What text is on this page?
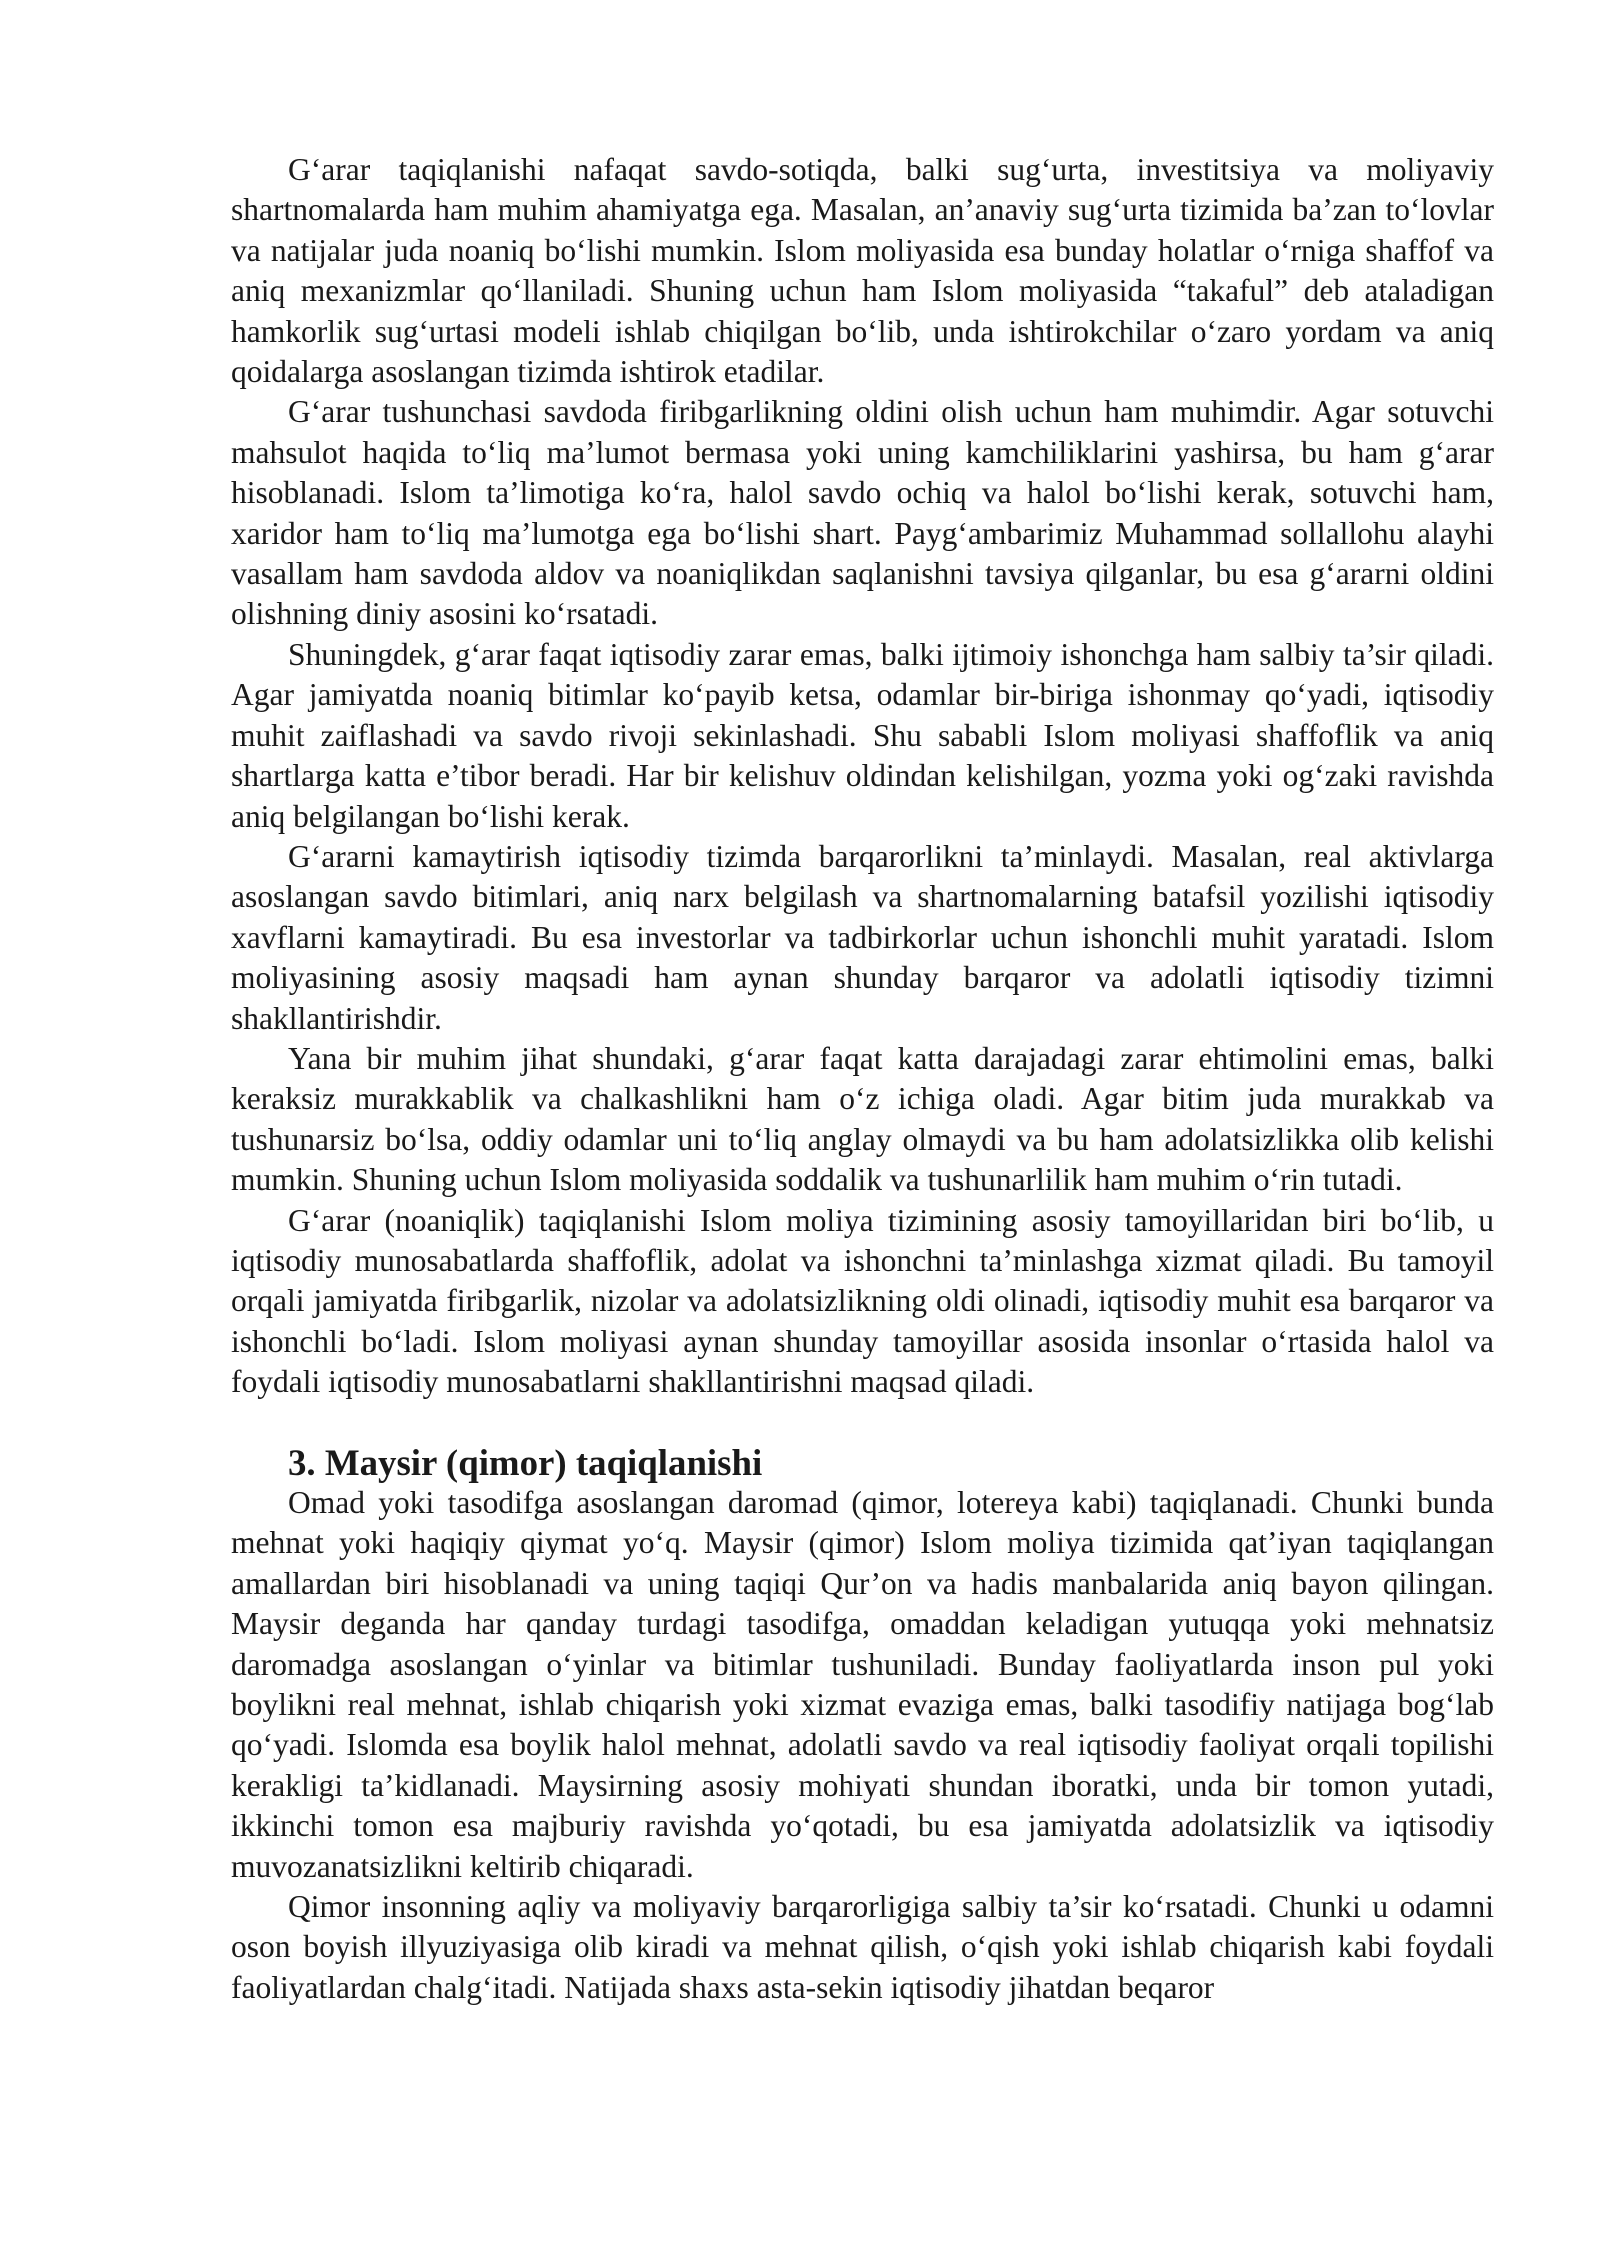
G‘arar taqiqlanishi nafaqat savdo-sotiqda, balki sug‘urta, investitsiya va moliyaviy shartnomalarda ham muhim ahamiyatga ega. Masalan, an’anaviy sug‘urta tizimida ba’zan to‘lovlar va natijalar juda noaniq bo‘lishi mumkin. Islom moliyasida esa bunday holatlar o‘rniga shaffof va aniq mexanizmlar qo‘llaniladi. Shuning uchun ham Islom moliyasida “takaful” deb ataladigan hamkorlik sug‘urtasi modeli ishlab chiqilgan bo‘lib, unda ishtirokchilar o‘zaro yordam va aniq qoidalarga asoslangan tizimda ishtirok etadilar.

G‘arar tushunchasi savdoda firibgarlikning oldini olish uchun ham muhimdir. Agar sotuvchi mahsulot haqida to‘liq ma’lumot bermasa yoki uning kamchiliklarini yashirsa, bu ham g‘arar hisoblanadi. Islom ta’limotiga ko‘ra, halol savdo ochiq va halol bo‘lishi kerak, sotuvchi ham, xaridor ham to‘liq ma’lumotga ega bo‘lishi shart. Payg‘ambarimiz Muhammad sollallohu alayhi vasallam ham savdoda aldov va noaniqlikdan saqlanishni tavsiya qilganlar, bu esa g‘ararni oldini olishning diniy asosini ko‘rsatadi.

Shuningdek, g‘arar faqat iqtisodiy zarar emas, balki ijtimoiy ishonchga ham salbiy ta’sir qiladi. Agar jamiyatda noaniq bitimlar ko‘payib ketsa, odamlar bir-biriga ishonmay qo‘yadi, iqtisodiy muhit zaiflashadi va savdo rivoji sekinlashadi. Shu sababli Islom moliyasi shaffoflik va aniq shartlarga katta e’tibor beradi. Har bir kelishuv oldindan kelishilgan, yozma yoki og‘zaki ravishda aniq belgilangan bo‘lishi kerak.

G‘ararni kamaytirish iqtisodiy tizimda barqarorlikni ta’minlaydi. Masalan, real aktivlarga asoslangan savdo bitimlari, aniq narx belgilash va shartnomalarning batafsil yozilishi iqtisodiy xavflarni kamaytiradi. Bu esa investorlar va tadbirkorlar uchun ishonchli muhit yaratadi. Islom moliyasining asosiy maqsadi ham aynan shunday barqaror va adolatli iqtisodiy tizimni shakllantirishdir.

Yana bir muhim jihat shundaki, g‘arar faqat katta darajadagi zarar ehtimolini emas, balki keraksiz murakkablik va chalkashlikni ham o‘z ichiga oladi. Agar bitim juda murakkab va tushunarsiz bo‘lsa, oddiy odamlar uni to‘liq anglay olmaydi va bu ham adolatsizlikka olib kelishi mumkin. Shuning uchun Islom moliyasida soddalik va tushunarlilik ham muhim o‘rin tutadi.

G‘arar (noaniqlik) taqiqlanishi Islom moliya tizimining asosiy tamoyillaridan biri bo‘lib, u iqtisodiy munosabatlarda shaffoflik, adolat va ishonchni ta’minlashga xizmat qiladi. Bu tamoyil orqali jamiyatda firibgarlik, nizolar va adolatsizlikning oldi olinadi, iqtisodiy muhit esa barqaror va ishonchli bo‘ladi. Islom moliyasi aynan shunday tamoyillar asosida insonlar o‘rtasida halol va foydali iqtisodiy munosabatlarni shakllantirishni maqsad qiladi.

3. Maysir (qimor) taqiqlanishi

Omad yoki tasodifga asoslangan daromad (qimor, lotereya kabi) taqiqlanadi. Chunki bunda mehnat yoki haqiqiy qiymat yo‘q. Maysir (qimor) Islom moliya tizimida qat’iyan taqiqlangan amallardan biri hisoblanadi va uning taqiqi Qur’on va hadis manbalarida aniq bayon qilingan. Maysir deganda har qanday turdagi tasodifga, omaddan keladigan yutuqqa yoki mehnatsiz daromadga asoslangan o‘yinlar va bitimlar tushuniladi. Bunday faoliyatlarda inson pul yoki boylikni real mehnat, ishlab chiqarish yoki xizmat evaziga emas, balki tasodifiy natijaga bog‘lab qo‘yadi. Islomda esa boylik halol mehnat, adolatli savdo va real iqtisodiy faoliyat orqali topilishi kerakligi ta’kidlanadi. Maysirning asosiy mohiyati shundan iboratki, unda bir tomon yutadi, ikkinchi tomon esa majburiy ravishda yo‘qotadi, bu esa jamiyatda adolatsizlik va iqtisodiy muvozanatsizlikni keltirib chiqaradi.

Qimor insonning aqliy va moliyaviy barqarorligiga salbiy ta’sir ko‘rsatadi. Chunki u odamni oson boyish illyuziyasiga olib kiradi va mehnat qilish, o‘qish yoki ishlab chiqarish kabi foydali faoliyatlardan chalg‘itadi. Natijada shaxs asta-sekin iqtisodiy jihatdan beqaror
